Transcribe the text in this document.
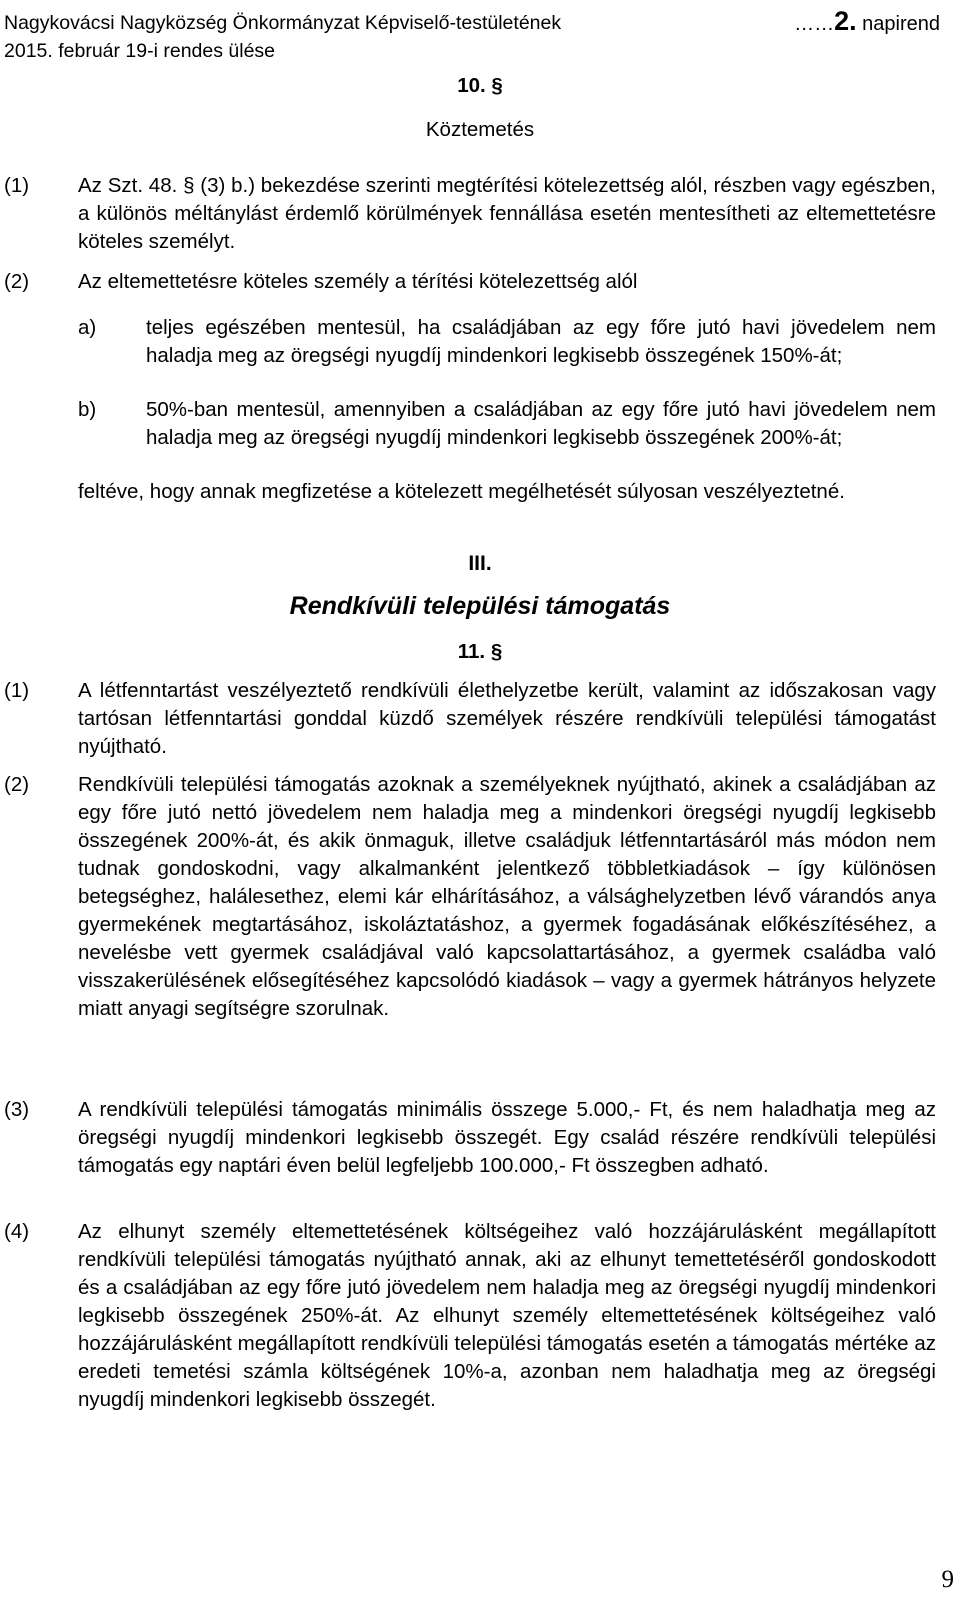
Nagykovácsi Nagyközség Önkormányzat Képviselő-testületének
2015. február 19-i rendes ülése
……2. napirend
10. §
Köztemetés
(1) Az Szt. 48. § (3) b.) bekezdése szerinti megtérítési kötelezettség alól, részben vagy egészben, a különös méltánylást érdemlő körülmények fennállása esetén mentesítheti az eltemettetésre köteles személyt.
(2) Az eltemettetésre köteles személy a térítési kötelezettség alól
a) teljes egészében mentesül, ha családjában az egy főre jutó havi jövedelem nem haladja meg az öregségi nyugdíj mindenkori legkisebb összegének 150%-át;
b) 50%-ban mentesül, amennyiben a családjában az egy főre jutó havi jövedelem nem haladja meg az öregségi nyugdíj mindenkori legkisebb összegének 200%-át;
feltéve, hogy annak megfizetése a kötelezett megélhetését súlyosan veszélyeztetné.
III.
Rendkívüli települési támogatás
11. §
(1) A létfenntartást veszélyeztető rendkívüli élethelyzetbe került, valamint az időszakosan vagy tartósan létfenntartási gonddal küzdő személyek részére rendkívüli települési támogatást nyújtható.
(2) Rendkívüli települési támogatás azoknak a személyeknek nyújtható, akinek a családjában az egy főre jutó nettó jövedelem nem haladja meg a mindenkori öregségi nyugdíj legkisebb összegének 200%-át, és akik önmaguk, illetve családjuk létfenntartásáról más módon nem tudnak gondoskodni, vagy alkalmanként jelentkező többletkiadások – így különösen betegséghez, halálesethez, elemi kár elhárításához, a válsághelyzetben lévő várandós anya gyermekének megtartásához, iskoláztatáshoz, a gyermek fogadásának előkészítéséhez, a nevelésbe vett gyermek családjával való kapcsolattartásához, a gyermek családba való visszakerülésének elősegítéséhez kapcsolódó kiadások – vagy a gyermek hátrányos helyzete miatt anyagi segítségre szorulnak.
(3) A rendkívüli települési támogatás minimális összege 5.000,- Ft, és nem haladhatja meg az öregségi nyugdíj mindenkori legkisebb összegét. Egy család részére rendkívüli települési támogatás egy naptári éven belül legfeljebb 100.000,- Ft összegben adható.
(4) Az elhunyt személy eltemettetésének költségeihez való hozzájárulásként megállapított rendkívüli települési támogatás nyújtható annak, aki az elhunyt temettetéséről gondoskodott és a családjában az egy főre jutó jövedelem nem haladja meg az öregségi nyugdíj mindenkori legkisebb összegének 250%-át. Az elhunyt személy eltemettetésének költségeihez való hozzájárulásként megállapított rendkívüli települési támogatás esetén a támogatás mértéke az eredeti temetési számla költségének 10%-a, azonban nem haladhatja meg az öregségi nyugdíj mindenkori legkisebb összegét.
9
